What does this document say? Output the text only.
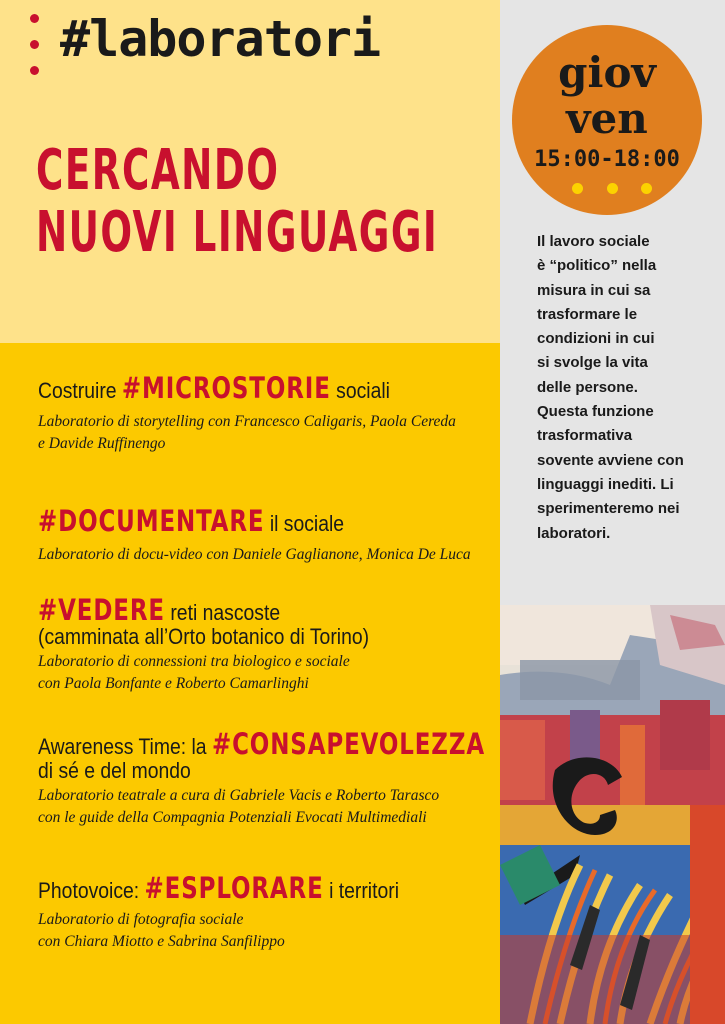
#laboratori
CERCANDO
NUOVI LINGUAGGI
giov
ven
15:00-18:00
Il lavoro sociale
è “politico” nella
misura in cui sa
trasformare le
condizioni in cui
si svolge la vita
delle persone.
Questa funzione
trasformativa
sovente avviene con
linguaggi inediti. Li
sperimenteremo nei
laboratori.
Costruire #MICROSTORIE sociali
Laboratorio di storytelling con Francesco Caligaris, Paola Cereda
e Davide Ruffinengo
#DOCUMENTARE il sociale
Laboratorio di docu-video con Daniele Gaglianone, Monica De Luca
#VEDERE reti nascoste
(camminata all’Orto botanico di Torino)
Laboratorio di connessioni tra biologico e sociale
con Paola Bonfante e Roberto Camarlinghi
Awareness Time: la #CONSAPEVOLEZZA
di sé e del mondo
Laboratorio teatrale a cura di Gabriele Vacis e Roberto Tarasco
con le guide della Compagnia Potenziali Evocati Multimediali
Photovoice: #ESPLORARE i territori
Laboratorio di fotografia sociale
con Chiara Miotto e Sabrina Sanfilippo
